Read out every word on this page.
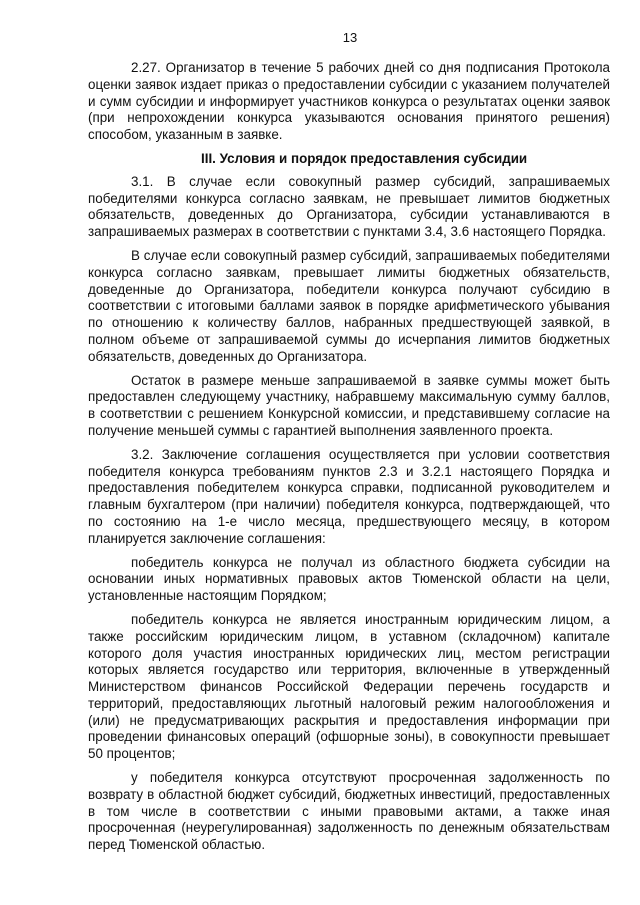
13

2.27. Организатор в течение 5 рабочих дней со дня подписания Протокола оценки заявок издает приказ о предоставлении субсидии с указанием получателей и сумм субсидии и информирует участников конкурса о результатах оценки заявок (при непрохождении конкурса указываются основания принятого решения) способом, указанным в заявке.

III. Условия и порядок предоставления субсидии

3.1. В случае если совокупный размер субсидий, запрашиваемых победителями конкурса согласно заявкам, не превышает лимитов бюджетных обязательств, доведенных до Организатора, субсидии устанавливаются в запрашиваемых размерах в соответствии с пунктами 3.4, 3.6 настоящего Порядка.

В случае если совокупный размер субсидий, запрашиваемых победителями конкурса согласно заявкам, превышает лимиты бюджетных обязательств, доведенные до Организатора, победители конкурса получают субсидию в соответствии с итоговыми баллами заявок в порядке арифметического убывания по отношению к количеству баллов, набранных предшествующей заявкой, в полном объеме от запрашиваемой суммы до исчерпания лимитов бюджетных обязательств, доведенных до Организатора.

Остаток в размере меньше запрашиваемой в заявке суммы может быть предоставлен следующему участнику, набравшему максимальную сумму баллов, в соответствии с решением Конкурсной комиссии, и представившему согласие на получение меньшей суммы с гарантией выполнения заявленного проекта.

3.2. Заключение соглашения осуществляется при условии соответствия победителя конкурса требованиям пунктов 2.3 и 3.2.1 настоящего Порядка и предоставления победителем конкурса справки, подписанной руководителем и главным бухгалтером (при наличии) победителя конкурса, подтверждающей, что по состоянию на 1-е число месяца, предшествующего месяцу, в котором планируется заключение соглашения:

победитель конкурса не получал из областного бюджета субсидии на основании иных нормативных правовых актов Тюменской области на цели, установленные настоящим Порядком;

победитель конкурса не является иностранным юридическим лицом, а также российским юридическим лицом, в уставном (складочном) капитале которого доля участия иностранных юридических лиц, местом регистрации которых является государство или территория, включенные в утвержденный Министерством финансов Российской Федерации перечень государств и территорий, предоставляющих льготный налоговый режим налогообложения и (или) не предусматривающих раскрытия и предоставления информации при проведении финансовых операций (офшорные зоны), в совокупности превышает 50 процентов;

у победителя конкурса отсутствуют просроченная задолженность по возврату в областной бюджет субсидий, бюджетных инвестиций, предоставленных в том числе в соответствии с иными правовыми актами, а также иная просроченная (неурегулированная) задолженность по денежным обязательствам перед Тюменской областью.
